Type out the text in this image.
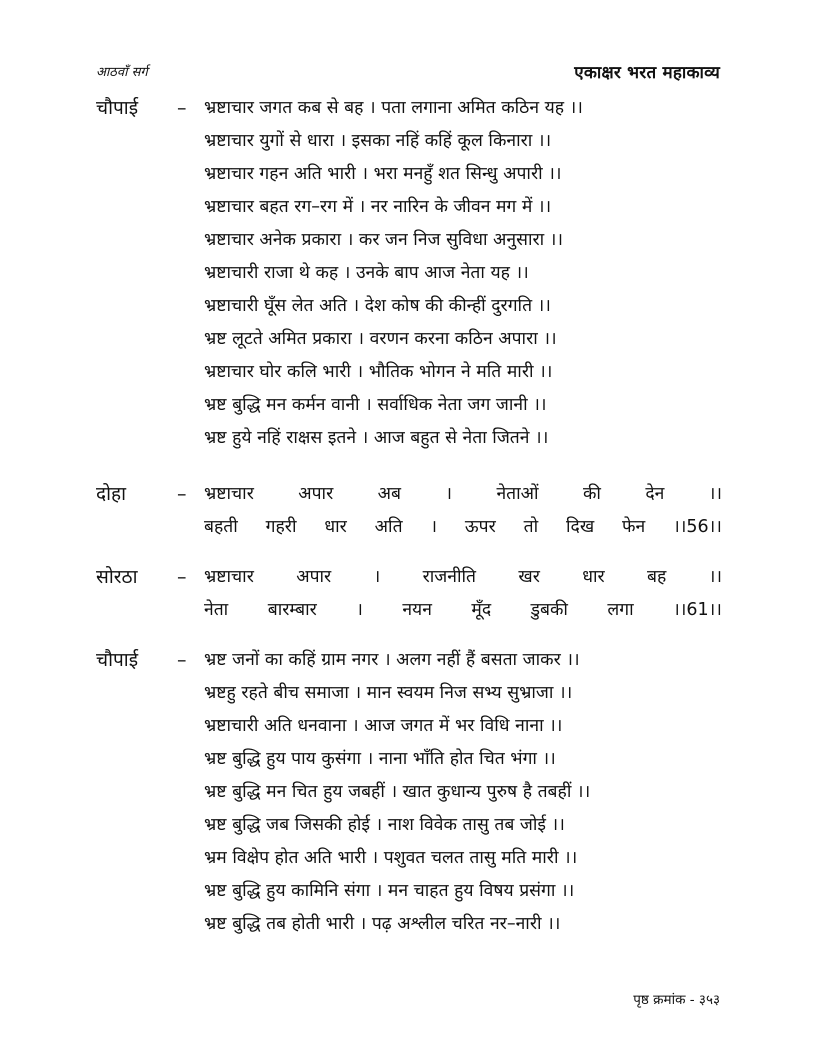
आठवाँ सर्ग	एकाक्षर भरत महाकाव्य
चौपाई – भ्रष्टाचार जगत कब से बह । पता लगाना अमित कठिन यह ।।
भ्रष्टाचार युगों से धारा । इसका नहिं कहिं कूल किनारा ।।
भ्रष्टाचार गहन अति भारी । भरा मनहुँ शत सिन्धु अपारी ।।
भ्रष्टाचार बहत रग–रग में । नर नारिन के जीवन मग में ।।
भ्रष्टाचार अनेक प्रकारा । कर जन निज सुविधा अनुसारा ।।
भ्रष्टाचारी राजा थे कह । उनके बाप आज नेता यह ।।
भ्रष्टाचारी घूँस लेत अति । देश कोष की कीन्हीं दुरगति ।।
भ्रष्ट लूटते अमित प्रकारा । वरणन करना कठिन अपारा ।।
भ्रष्टाचार घोर कलि भारी । भौतिक भोगन ने मति मारी ।।
भ्रष्ट बुद्धि मन कर्मन वानी । सर्वाधिक नेता जग जानी ।।
भ्रष्ट हुये नहिं राक्षस इतने । आज बहुत से नेता जितने ।।
दोहा	– भ्रष्टाचार	अपार	अब	।	नेताओं	की	देन	।।
बहती गहरी धार अति । ऊपर तो दिख फेन ।।56।।
सोरठा – भ्रष्टाचार अपार । राजनीति खर धार बह ।।
नेता बारम्बार । नयन मूँद डुबकी लगा ।।61।।
चौपाई – भ्रष्ट जनों का कहिं ग्राम नगर । अलग नहीं हैं बसता जाकर ।।
भ्रष्टहु रहते बीच समाजा । मान स्वयम निज सभ्य सुभ्राजा ।।
भ्रष्टाचारी अति धनवाना । आज जगत में भर विधि नाना ।।
भ्रष्ट बुद्धि हुय पाय कुसंगा । नाना भाँति होत चित भंगा ।।
भ्रष्ट बुद्धि मन चित हुय जबहीं । खात कुधान्य पुरुष है तबहीं ।।
भ्रष्ट बुद्धि जब जिसकी होई । नाश विवेक तासु तब जोई ।।
भ्रम विक्षेप होत अति भारी । पशुवत चलत तासु मति मारी ।।
भ्रष्ट बुद्धि हुय कामिनि संगा । मन चाहत हुय विषय प्रसंगा ।।
भ्रष्ट बुद्धि तब होती भारी । पढ़ अश्लील चरित नर–नारी ।।
पृष्ठ क्रमांक - ३५३
